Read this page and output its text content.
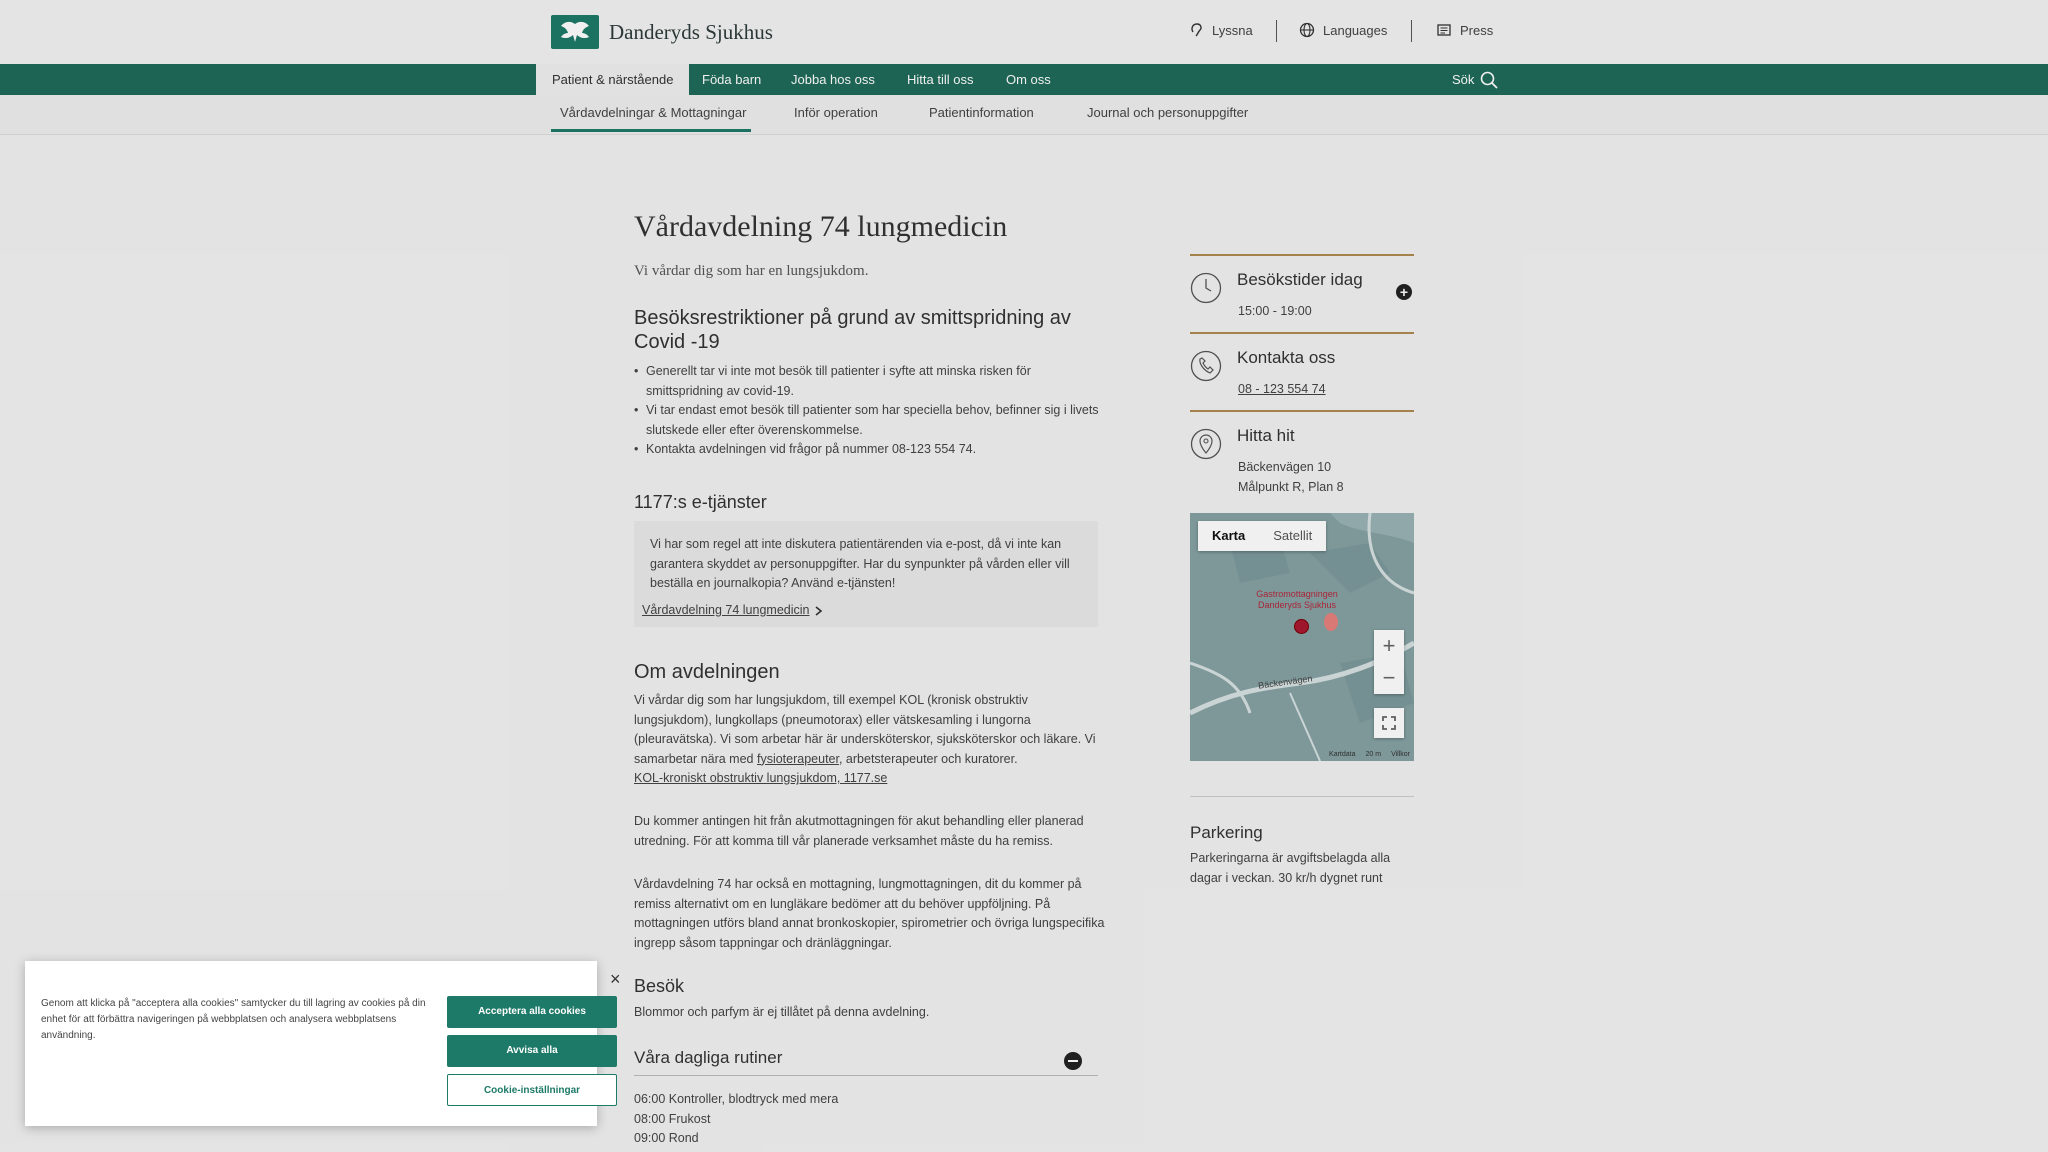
Danderyds Sjukhus	Lyssna	Languages	Press
Patient & närstående	Föda barn	Jobba hos oss	Hitta till oss	Om oss	Sök
Vårdavdelningar & Mottagningar	Inför operation	Patientinformation	Journal och personuppgifter
Vårdavdelning 74 lungmedicin
Vi vårdar dig som har en lungsjukdom.
Besöksrestriktioner på grund av smittspridning av Covid -19
• Generellt tar vi inte mot besök till patienter i syfte att minska risken för smittspridning av covid-19.
• Vi tar endast emot besök till patienter som har speciella behov, befinner sig i livets slutskede eller efter överenskommelse.
• Kontakta avdelningen vid frågor på nummer 08-123 554 74.
1177:s e-tjänster
Vi har som regel att inte diskutera patientärenden via e-post, då vi inte kan garantera skyddet av personuppgifter. Har du synpunkter på vården eller vill beställa en journalkopia? Använd e-tjänsten!
Vårdavdelning 74 lungmedicin
Om avdelningen
Vi vårdar dig som har lungsjukdom, till exempel KOL (kronisk obstruktiv lungsjukdom), lungkollaps (pneumotorax) eller vätskesamling i lungorna (pleuravätska). Vi som arbetar här är undersköterskor, sjuksköterskor och läkare. Vi samarbetar nära med fysioterapeuter, arbetsterapeuter och kuratorer.
KOL-kroniskt obstruktiv lungsjukdom, 1177.se
Du kommer antingen hit från akutmottagningen för akut behandling eller planerad utredning. För att komma till vår planerade verksamhet måste du ha remiss.
Vårdavdelning 74 har också en mottagning, lungmottagningen, dit du kommer på remiss alternativt om en lungläkare bedömer att du behöver uppföljning. På mottagningen utförs bland annat bronkoskopier, spirometrier och övriga lungspecifika ingrepp såsom tappningar och dränläggningar.
Besök
Blommor och parfym är ej tillåtet på denna avdelning.
Våra dagliga rutiner
06:00 Kontroller, blodtryck med mera
08:00 Frukost
09:00 Rond
Besökstider idag
15:00 - 19:00
+
Kontakta oss
08 - 123 554 74
Hitta hit
Bäckenvägen 10
Målpunkt R, Plan 8
Karta	Satellit
Gastromottagningen Danderyds Sjukhus
Bäckenvägen
+
−
Kartdata 20 m Villkor
Parkering
Parkeringarna är avgiftsbelagda alla dagar i veckan. 30 kr/h dygnet runt
×
Genom att klicka på "acceptera alla cookies" samtycker du till lagring av cookies på din enhet för att förbättra navigeringen på webbplatsen och analysera webbplatsens användning.
Acceptera alla cookies
Avvisa alla
Cookie-inställningar
